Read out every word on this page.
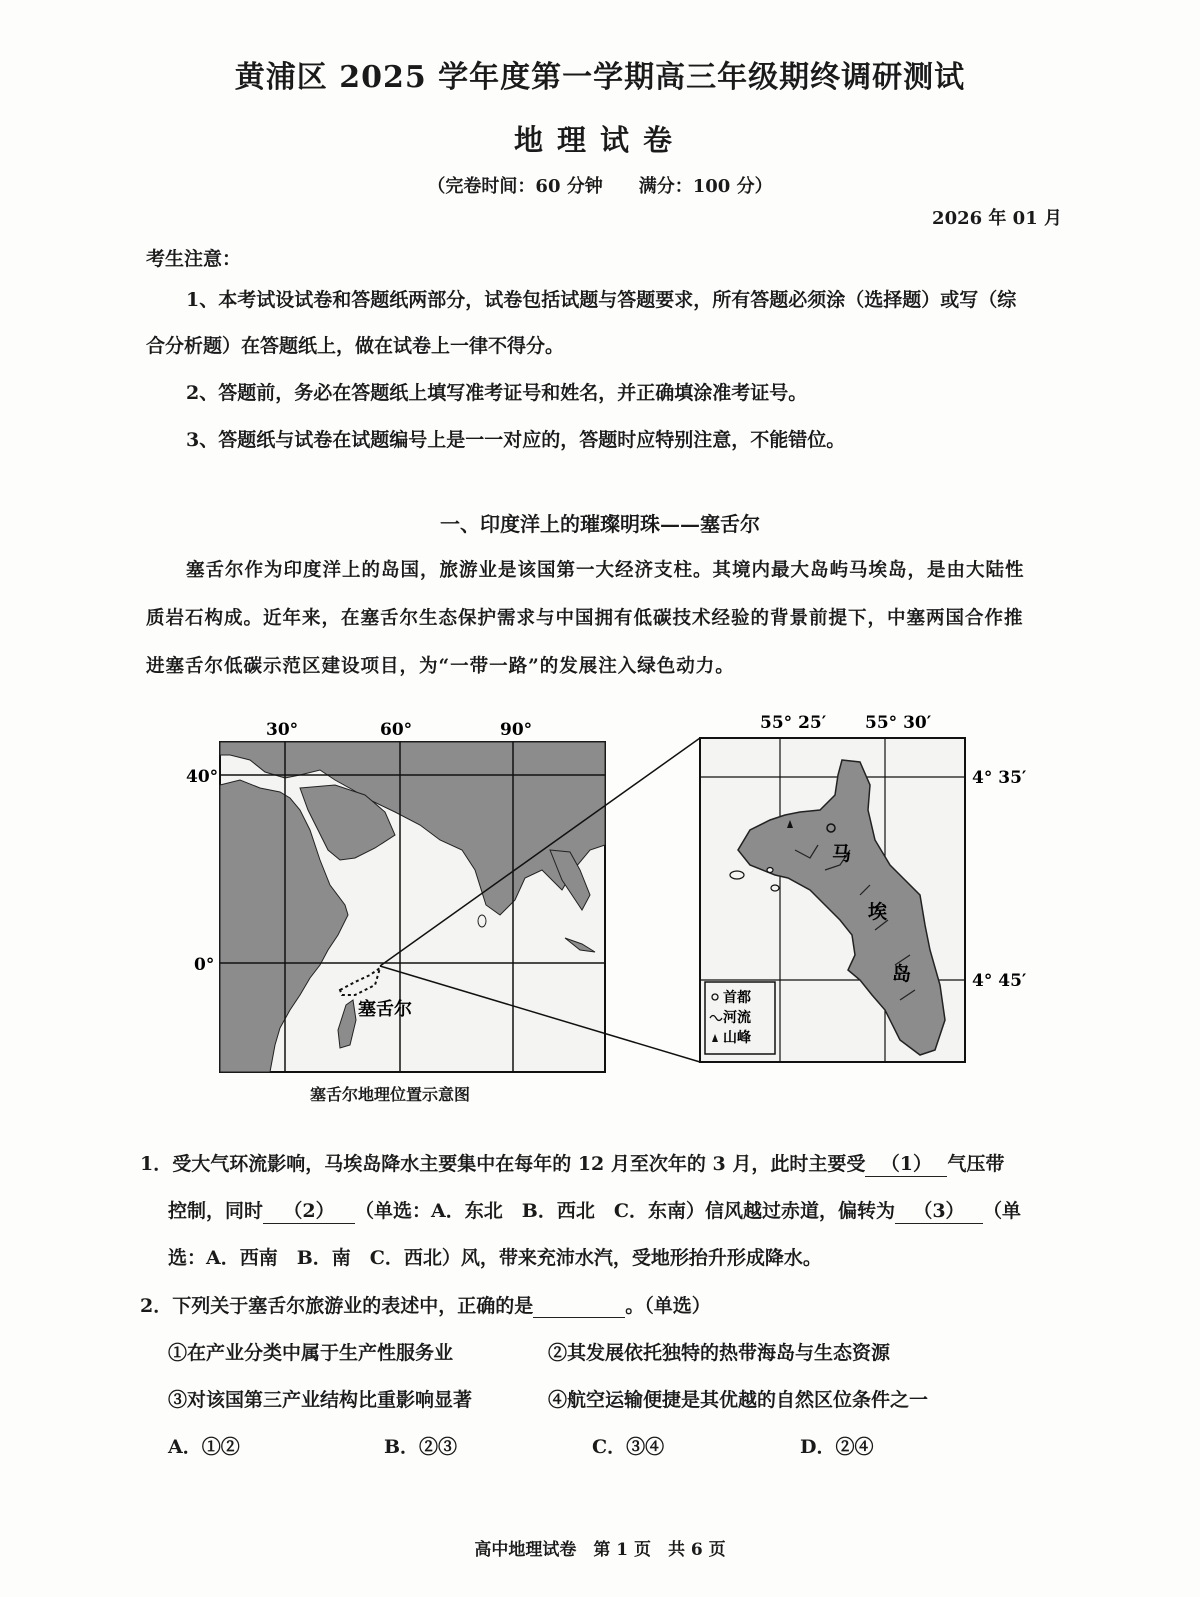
黄浦区 2025 学年度第一学期高三年级期终调研测试
地理试卷
（完卷时间：60 分钟　　满分：100 分）
2026 年 01 月
考生注意：
1、本考试设试卷和答题纸两部分，试卷包括试题与答题要求，所有答题必须涂（选择题）或写（综
合分析题）在答题纸上，做在试卷上一律不得分。
2、答题前，务必在答题纸上填写准考证号和姓名，并正确填涂准考证号。
3、答题纸与试卷在试题编号上是一一对应的，答题时应特别注意，不能错位。
一、印度洋上的璀璨明珠——塞舌尔
塞舌尔作为印度洋上的岛国，旅游业是该国第一大经济支柱。其境内最大岛屿马埃岛，是由大陆性
质岩石构成。近年来，在塞舌尔生态保护需求与中国拥有低碳技术经验的背景前提下，中塞两国合作推
进塞舌尔低碳示范区建设项目，为“一带一路”的发展注入绿色动力。
30°	60°	90°
40°
0°
塞舌尔
马
埃
岛
55° 25′ 55° 30′
4° 35′
4° 45′
首都
河流
山峰
塞舌尔地理位置示意图
1．受大气环流影响，马埃岛降水主要集中在每年的 12 月至次年的 3 月，此时主要受 （1） 气压带
控制，同时 （2） （单选：A．东北　B．西北　C．东南）信风越过赤道，偏转为 （3） （单
选：A．西南　B．南　C．西北）风，带来充沛水汽，受地形抬升形成降水。
2．下列关于塞舌尔旅游业的表述中，正确的是	。（单选）
①在产业分类中属于生产性服务业	②其发展依托独特的热带海岛与生态资源
③对该国第三产业结构比重影响显著	④航空运输便捷是其优越的自然区位条件之一
A．①②	B．②③	C．③④	D．②④
高中地理试卷　第 1 页　共 6 页
